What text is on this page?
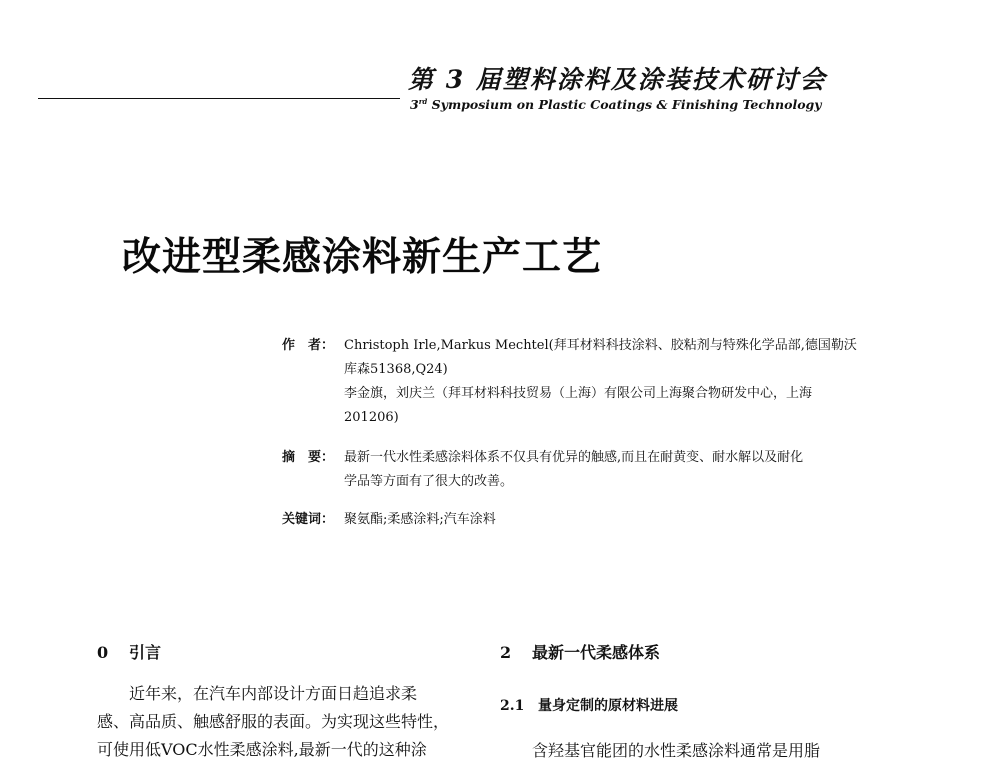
第 3 届塑料涂料及涂装技术研讨会
3rd Symposium on Plastic Coatings & Finishing Technology
改进型柔感涂料新生产工艺
作　者： Christoph Irle,Markus Mechtel(拜耳材料科技涂料、胶粘剂与特殊化学品部,德国勒沃
库森51368,Q24)
李金旗，刘庆兰（拜耳材料科技贸易（上海）有限公司上海聚合物研发中心，上海
201206)
摘　要： 最新一代水性柔感涂料体系不仅具有优异的触感,而且在耐黄变、耐水解以及耐化
学品等方面有了很大的改善。
关键词： 聚氨酯;柔感涂料;汽车涂料
0 引言
　　近年来，在汽车内部设计方面日趋追求柔
感、高品质、触感舒服的表面。为实现这些特性，
可使用低VOC水性柔感涂料,最新一代的这种涂
2 最新一代柔感体系
2.1 量身定制的原材料进展
　　含羟基官能团的水性柔感涂料通常是用脂
